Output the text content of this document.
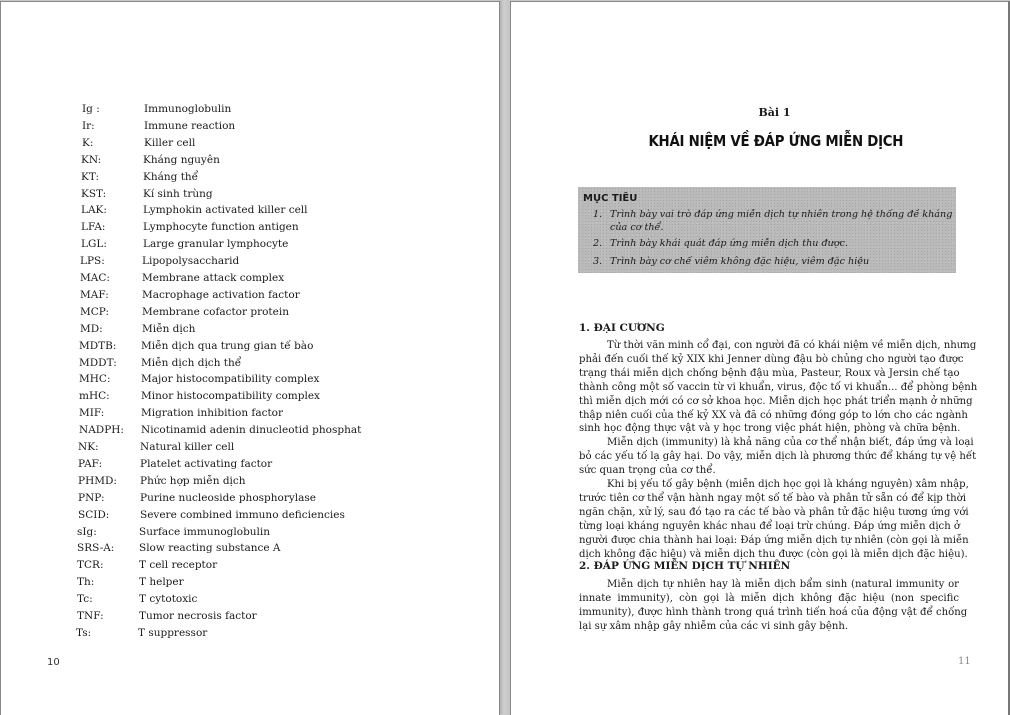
Ig :	Immunoglobulin
Ir:	Immune reaction
K:	Killer cell
KN:	Kháng nguyên
KT:	Kháng thể
KST:	Kí sinh trùng
LAK:	Lymphokin activated killer cell
LFA:	Lymphocyte function antigen
LGL:	Large granular lymphocyte
LPS:	Lipopolysaccharid
MAC:	Membrane attack complex
MAF:	Macrophage activation factor
MCP:	Membrane cofactor protein
MD:	Miễn dịch
MDTB:	Miễn dịch qua trung gian tế bào
MDDT:	Miễn dịch dịch thể
MHC:	Major histocompatibility complex
mHC:	Minor histocompatibility complex
MIF:	Migration inhibition factor
NADPH:	Nicotinamid adenin dinucleotid phosphat
NK:	Natural killer cell
PAF:	Platelet activating factor
PHMD:	Phức hợp miễn dịch
PNP:	Purine nucleoside phosphorylase
SCID:	Severe combined immuno deficiencies
sIg:	Surface immunoglobulin
SRS-A:	Slow reacting substance A
TCR:	T cell receptor
Th:	T helper
Tc:	T cytotoxic
TNF:	Tumor necrosis factor
Ts:	T suppressor
10
Bài 1
KHÁI NIỆM VỀ ĐÁP ỨNG MIỄN DỊCH
MỤC TIÊU
1. Trình bày vai trò đáp ứng miễn dịch tự nhiên trong hệ thống đề kháng
của cơ thể.
2. Trình bày khái quát đáp ứng miễn dịch thu được.
3. Trình bày cơ chế viêm không đặc hiệu, viêm đặc hiệu
1. ĐẠI CƯƠNG
Từ thời văn minh cổ đại, con người đã có khái niệm về miễn dịch, nhưng
phải đến cuối thế kỷ XIX khi Jenner dùng đậu bò chủng cho người tạo được
trạng thái miễn dịch chống bệnh đậu mùa, Pasteur, Roux và Jersin chế tạo
thành công một số vaccin từ vi khuẩn, virus, độc tố vi khuẩn... để phòng bệnh
thì miễn dịch mới có cơ sở khoa học. Miễn dịch học phát triển mạnh ở những
thập niên cuối của thế kỷ XX và đã có những đóng góp to lớn cho các ngành
sinh học động thực vật và y học trong việc phát hiện, phòng và chữa bệnh.
Miễn dịch (immunity) là khả năng của cơ thể nhận biết, đáp ứng và loại
bỏ các yếu tố lạ gây hại. Do vậy, miễn dịch là phương thức để kháng tự vệ hết
sức quan trọng của cơ thể.
Khi bị yếu tố gây bệnh (miễn dịch học gọi là kháng nguyên) xâm nhập,
trước tiên cơ thể vận hành ngay một số tế bào và phân tử sẵn có để kịp thời
ngăn chặn, xử lý, sau đó tạo ra các tế bào và phân tử đặc hiệu tương ứng với
từng loại kháng nguyên khác nhau để loại trừ chúng. Đáp ứng miễn dịch ở
người được chia thành hai loại: Đáp ứng miễn dịch tự nhiên (còn gọi là miễn
dịch không đặc hiệu) và miễn dịch thu được (còn gọi là miễn dịch đặc hiệu).
2. ĐÁP ỨNG MIỄN DỊCH TỰ NHIÊN
Miễn dịch tự nhiên hay là miễn dịch bẩm sinh (natural immunity or
innate immunity), còn gọi là miễn dịch không đặc hiệu (non specific
immunity), được hình thành trong quá trình tiến hoá của động vật để chống
lại sự xâm nhập gây nhiễm của các vi sinh gây bệnh.
11
